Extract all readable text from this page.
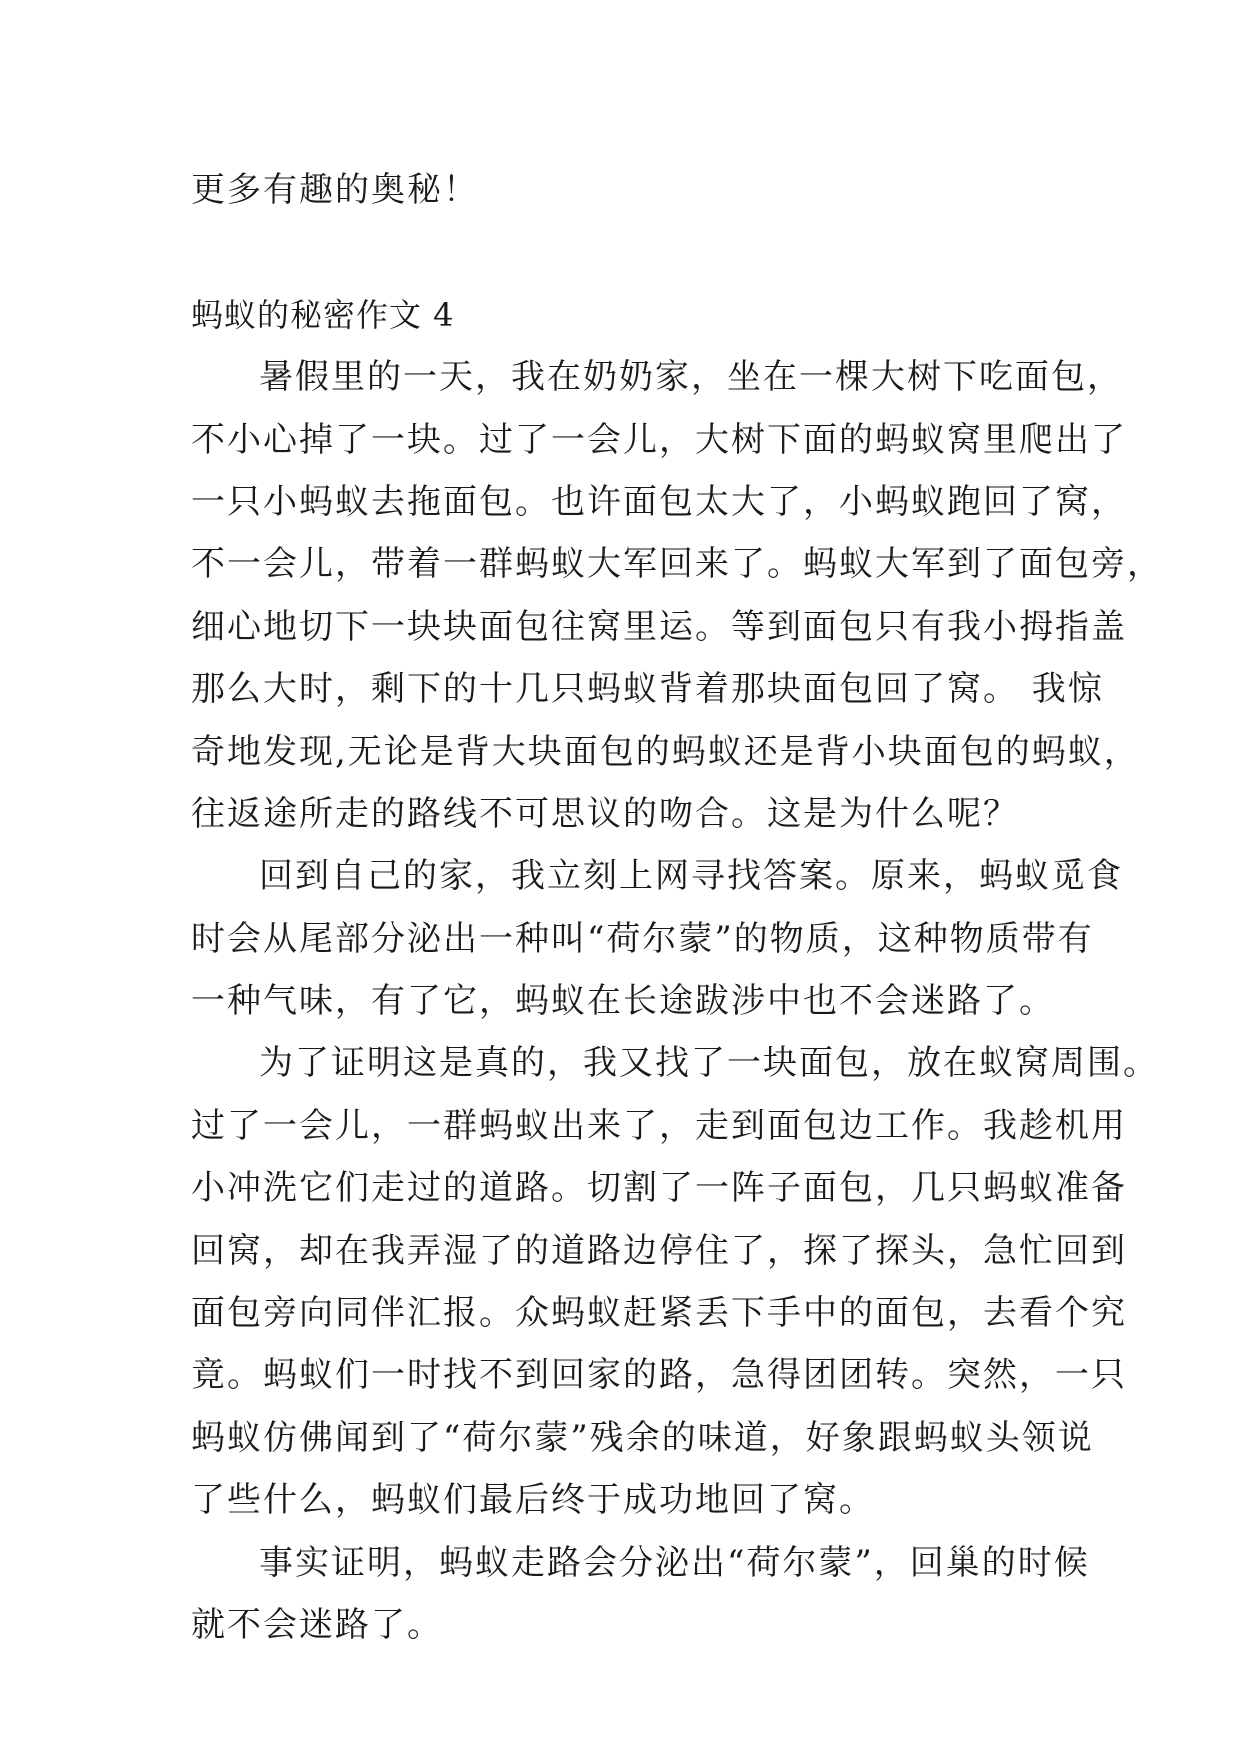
更多有趣的奥秘！
蚂蚁的秘密作文 4
暑假里的一天，我在奶奶家，坐在一棵大树下吃面包，
不小心掉了一块。过了一会儿，大树下面的蚂蚁窝里爬出了
一只小蚂蚁去拖面包。也许面包太大了，小蚂蚁跑回了窝，
不一会儿，带着一群蚂蚁大军回来了。蚂蚁大军到了面包旁，
细心地切下一块块面包往窝里运。等到面包只有我小拇指盖
那么大时，剩下的十几只蚂蚁背着那块面包回了窝。 我惊
奇地发现,无论是背大块面包的蚂蚁还是背小块面包的蚂蚁，
往返途所走的路线不可思议的吻合。这是为什么呢？
回到自己的家，我立刻上网寻找答案。原来，蚂蚁觅食
时会从尾部分泌出一种叫“荷尔蒙”的物质，这种物质带有
一种气味，有了它，蚂蚁在长途跋涉中也不会迷路了。
为了证明这是真的，我又找了一块面包，放在蚁窝周围。
过了一会儿，一群蚂蚁出来了，走到面包边工作。我趁机用
小冲洗它们走过的道路。切割了一阵子面包，几只蚂蚁准备
回窝，却在我弄湿了的道路边停住了，探了探头，急忙回到
面包旁向同伴汇报。众蚂蚁赶紧丢下手中的面包，去看个究
竟。蚂蚁们一时找不到回家的路，急得团团转。突然，一只
蚂蚁仿佛闻到了“荷尔蒙”残余的味道，好象跟蚂蚁头领说
了些什么，蚂蚁们最后终于成功地回了窝。
事实证明，蚂蚁走路会分泌出“荷尔蒙”，回巢的时候
就不会迷路了。
